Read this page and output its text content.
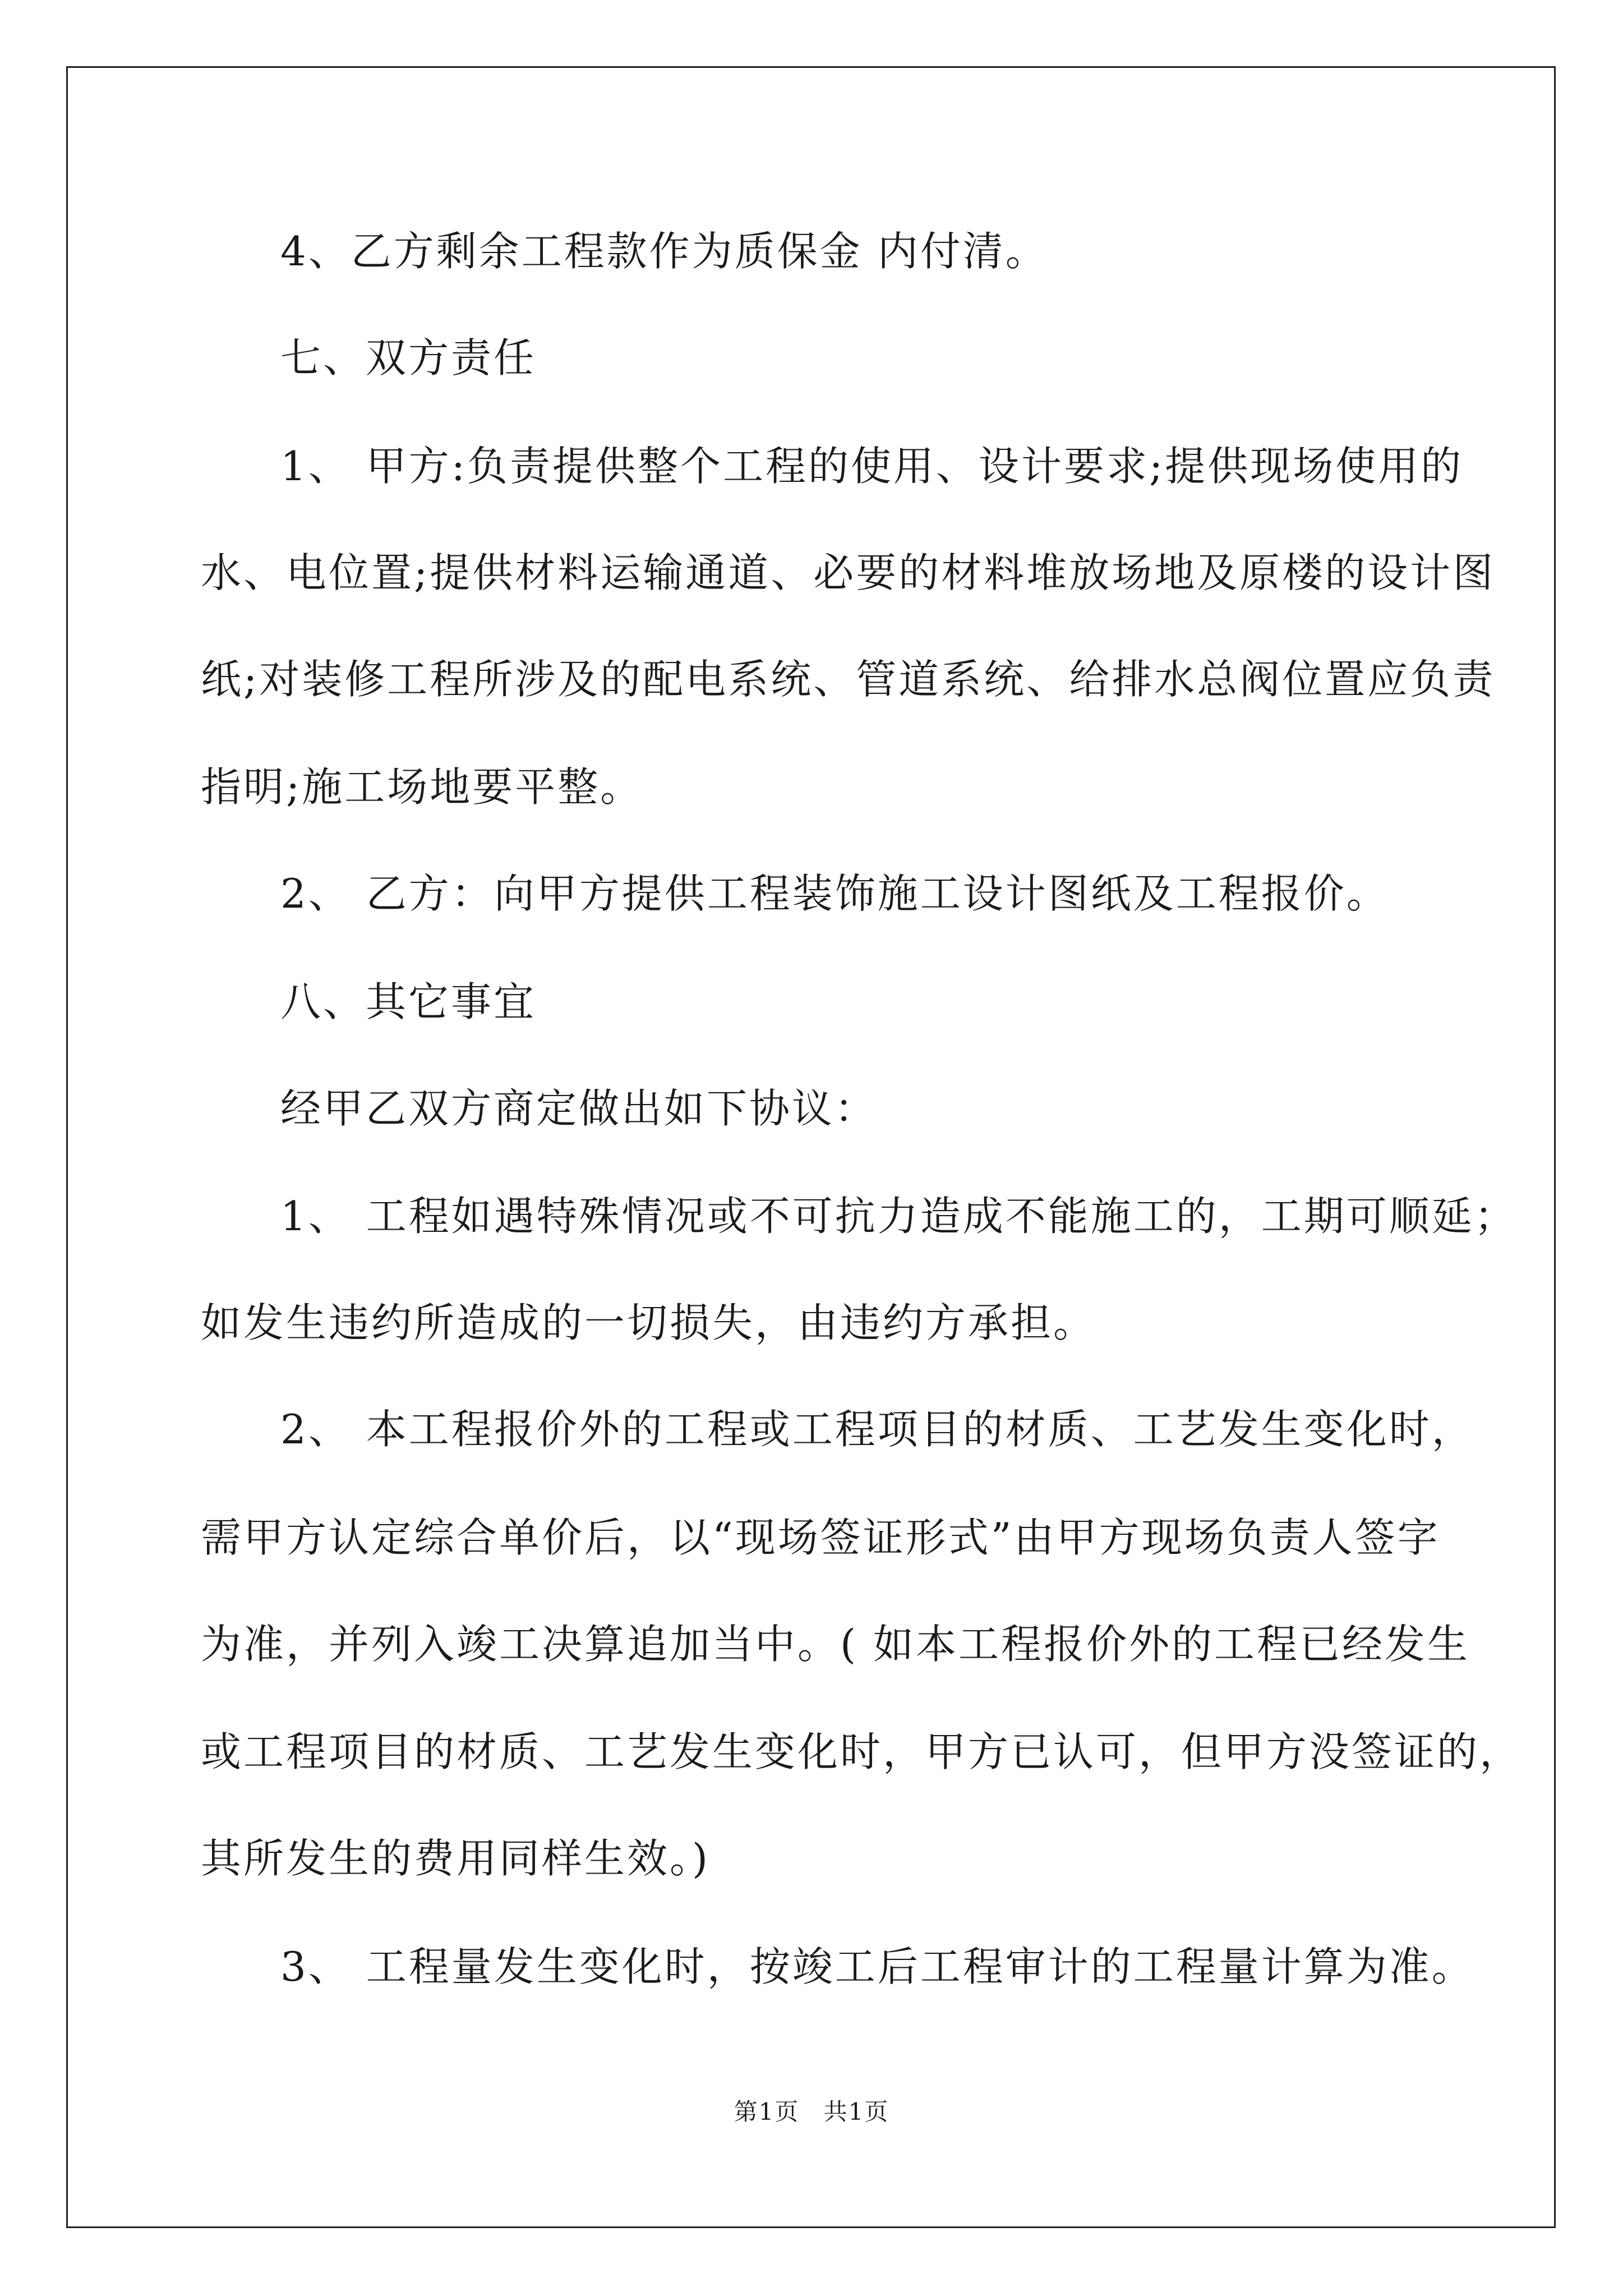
4、乙方剩余工程款作为质保金 内付清。
七、双方责任
1、 甲方:负责提供整个工程的使用、设计要求;提供现场使用的
水、电位置;提供材料运输通道、必要的材料堆放场地及原楼的设计图
纸;对装修工程所涉及的配电系统、管道系统、给排水总阀位置应负责
指明;施工场地要平整。
2、 乙方：向甲方提供工程装饰施工设计图纸及工程报价。
八、其它事宜
经甲乙双方商定做出如下协议：
1、 工程如遇特殊情况或不可抗力造成不能施工的，工期可顺延；
如发生违约所造成的一切损失，由违约方承担。
2、 本工程报价外的工程或工程项目的材质、工艺发生变化时，
需甲方认定综合单价后，以“现场签证形式”由甲方现场负责人签字
为准，并列入竣工决算追加当中。( 如本工程报价外的工程已经发生
或工程项目的材质、工艺发生变化时，甲方已认可，但甲方没签证的，
其所发生的费用同样生效。)
3、 工程量发生变化时，按竣工后工程审计的工程量计算为准。
第1页 共1页
